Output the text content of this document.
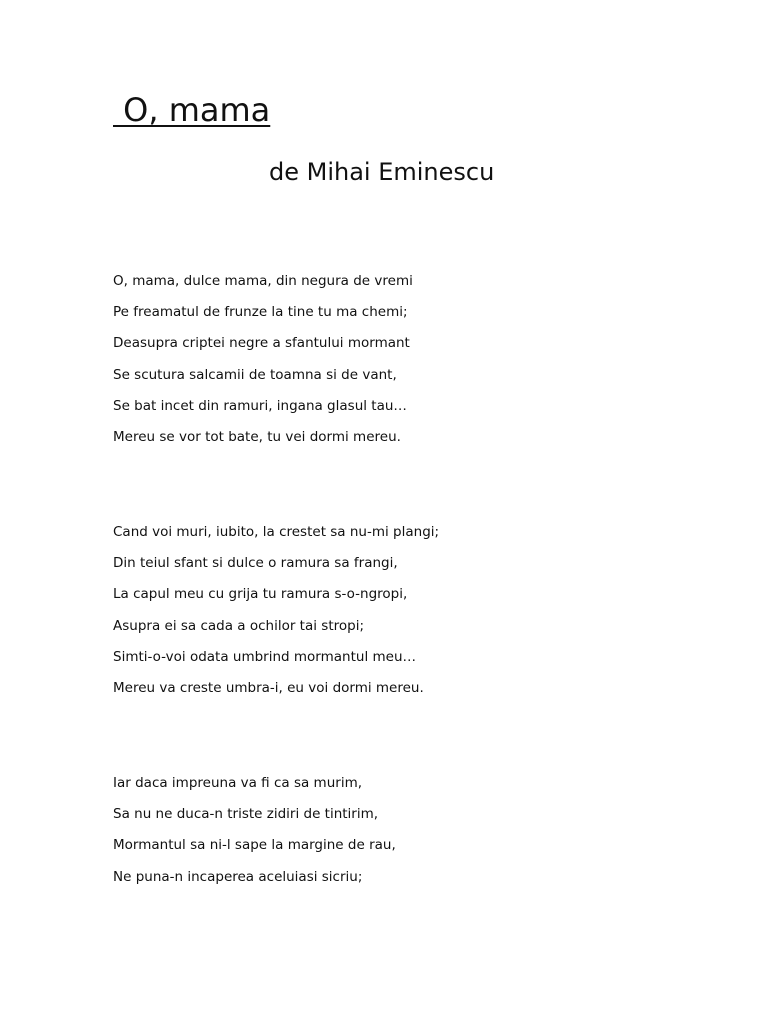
O, mama
de Mihai Eminescu
O, mama, dulce mama, din negura de vremi
Pe freamatul de frunze la tine tu ma chemi;
Deasupra criptei negre a sfantului mormant
Se scutura salcamii de toamna si de vant,
Se bat incet din ramuri, ingana glasul tau…
Mereu se vor tot bate, tu vei dormi mereu.
Cand voi muri, iubito, la crestet sa nu-mi plangi;
Din teiul sfant si dulce o ramura sa frangi,
La capul meu cu grija tu ramura s-o-ngropi,
Asupra ei sa cada a ochilor tai stropi;
Simti-o-voi odata umbrind mormantul meu…
Mereu va creste umbra-i, eu voi dormi mereu.
Iar daca impreuna va fi ca sa murim,
Sa nu ne duca-n triste zidiri de tintirim,
Mormantul sa ni-l sape la margine de rau,
Ne puna-n incaperea aceluiasi sicriu;
